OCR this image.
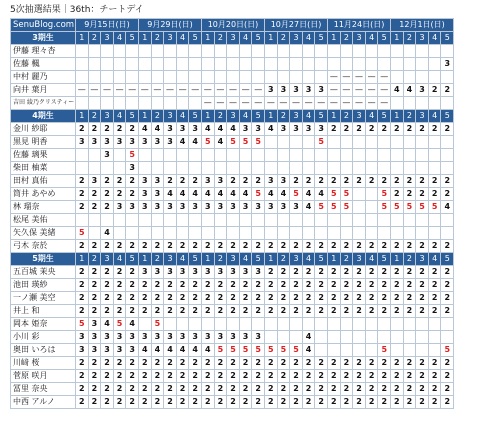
5次抽選結果｜36th：チートデイ
SenuBlog.com	9月15日(日)					9月29日(日)					10月20日(日)					10月27日(日)					11月24日(日)					12月1日(日)				
3期生	1	2	3	4	5	1	2	3	4	5	1	2	3	4	5	1	2	3	4	5	1	2	3	4	5	1	2	3	4	5
伊藤 理々杏																														
佐藤 楓																														3
中村 麗乃																					—	—	—	—	—					
向井 葉月	—	—	—	—	—	—	—	—	—	—	—	—	—	—	—	3	3	3	3	3	—	—	—	—	—	4	4	3	2	2
吉田 綾乃クリスティー											—	—	—	—	—	—	—	—	—	—	—	—	—	—	—					
4期生	1	2	3	4	5	1	2	3	4	5	1	2	3	4	5	1	2	3	4	5	1	2	3	4	5	1	2	3	4	5
金川 紗耶	2	2	2	2	2	4	4	3	3	3	4	4	4	3	3	4	3	3	3	3	2	2	2	2	2	2	2	2	2	2
黒見 明香	3	3	3	3	3	3	3	3	4	4	5	4	5	5	5					5										
佐藤 璃果			3		5																									
柴田 柚菜					3																									
田村 真佑	2	3	2	2	2	3	3	2	2	2	3	3	2	2	2	3	3	2	2	2	2	2	2	2	2	2	2	2	2	2
筒井 あやめ	2	2	2	2	2	3	3	4	4	4	4	4	4	4	5	4	4	5	4	4	5	5			5	2	2	2	2	2
林 瑠奈	2	2	2	3	3	3	3	3	3	3	3	3	3	3	3	3	3	3	4	5	5	5			5	5	5	5	5	4
松尾 美佑																														
矢久保 美緒	5		4																											
弓木 奈於	2	2	2	2	2	2	2	2	2	2	2	2	2	2	2	2	2	2	2	2	2	2	2	2	2	2	2	2	2	2
5期生	1	2	3	4	5	1	2	3	4	5	1	2	3	4	5	1	2	3	4	5	1	2	3	4	5	1	2	3	4	5
五百城 茉央	2	2	2	2	2	3	3	3	3	3	3	3	3	3	3	2	2	2	2	2	2	2	2	2	2	2	2	2	2	2
池田 瑛紗	2	2	2	2	2	2	2	2	2	2	2	2	2	2	2	2	2	2	2	2	2	2	2	2	2	2	2	2	2	2
一ノ瀬 美空	2	2	2	2	2	2	2	2	2	2	2	2	2	2	2	2	2	2	2	2	2	2	2	2	2	2	2	2	2	2
井上 和	2	2	2	2	2	2	2	2	2	2	2	2	2	2	2	2	2	2	2	2	2	2	2	2	2	2	2	2	2	2
岡本 姫奈	5	3	4	5	4		5																							
小川 彩	3	3	3	3	3	3	3	3	3	3	3	3	3	3	3				4											
奥田 いろは	3	3	3	3	3	4	4	4	4	4	4	5	5	5	5	5	5	5	4						5					5
川﨑 桜	2	2	2	2	2	2	2	2	2	2	2	2	2	2	2	2	2	2	2	2	2	2	2	2	2	2	2	2	2	2
菅原 咲月	2	2	2	2	2	2	2	2	2	2	2	2	2	2	2	2	2	2	2	2	2	2	2	2	2	2	2	2	2	2
冨里 奈央	2	2	2	2	2	2	2	2	2	2	2	2	2	2	2	2	2	2	2	2	2	2	2	2	2	2	2	2	2	2
中西 アルノ	2	2	2	2	2	2	2	2	2	2	2	2	2	2	2	2	2	2	2	2	2	2	2	2	2	2	2	2	2	2
